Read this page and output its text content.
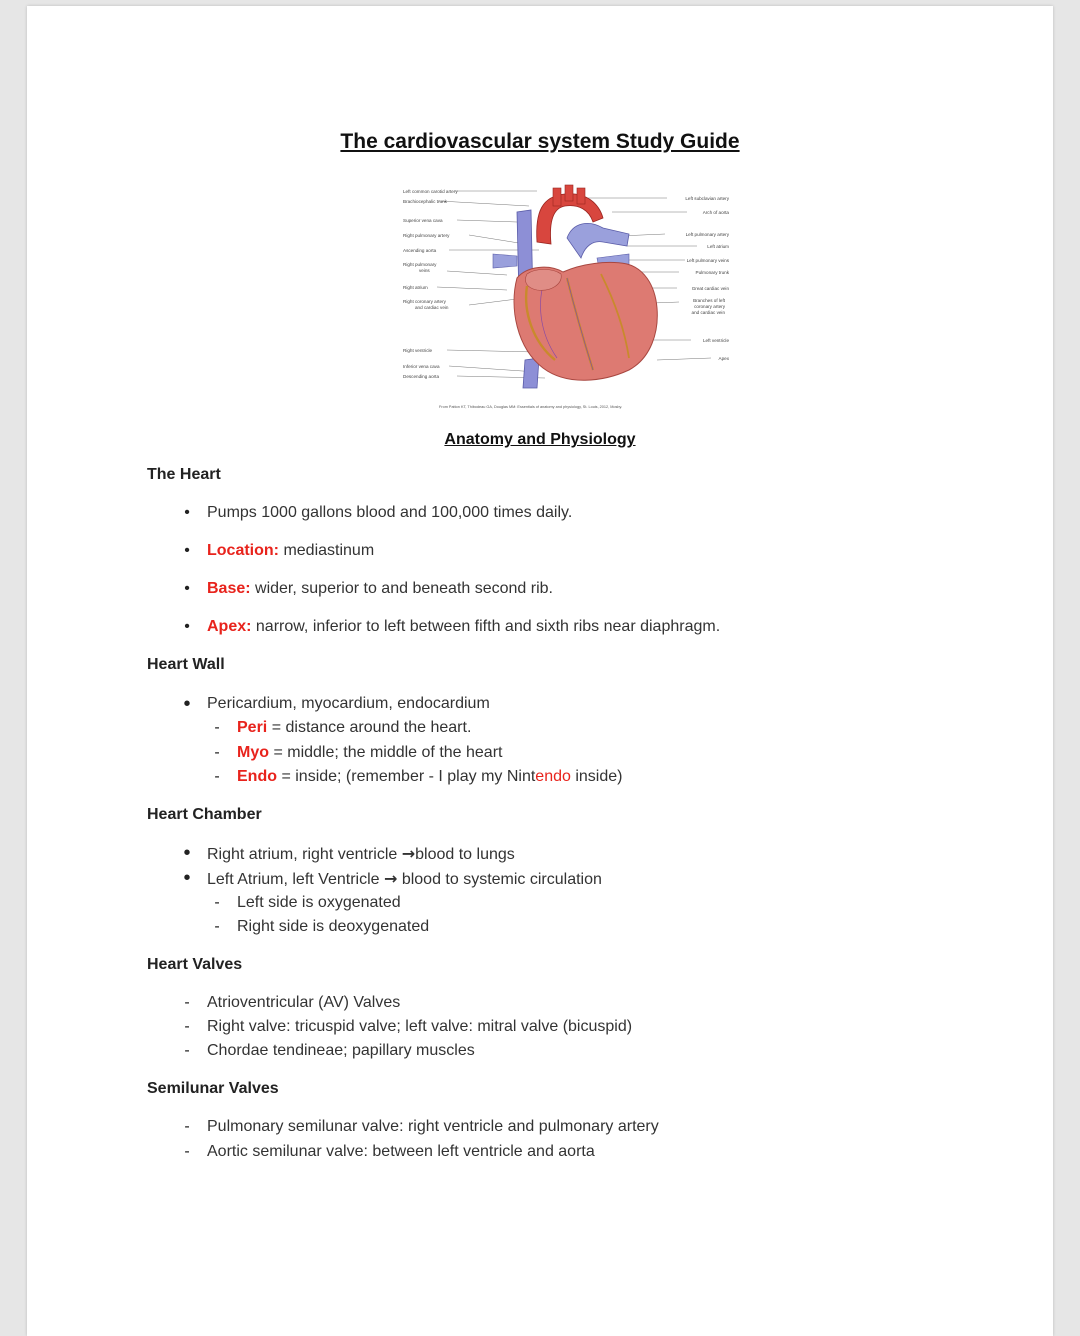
The cardiovascular system Study Guide
Left common carotid artery
Brachiocephalic trunk
Superior vena cava
Right pulmonary artery
Ascending aorta
Right pulmonary
veins
Right atrium
Right coronary artery
and cardiac vein
Right ventricle
Inferior vena cava
Descending aorta
Left subclavian artery
Arch of aorta
Left pulmonary artery
Left atrium
Left pulmonary veins
Pulmonary trunk
Great cardiac vein
Branches of left
coronary artery
and cardiac vein
Left ventricle
Apex
From Patton KT, Thibodeau GA, Douglas MM: Essentials of anatomy and physiology, St. Louis, 2012, Mosby.
Anatomy and Physiology
The Heart
•	Pumps 1000 gallons blood and 100,000 times daily.
•	Location: mediastinum
•	Base: wider, superior to and beneath second rib.
•	Apex: narrow, inferior to left between fifth and sixth ribs near diaphragm.
Heart Wall
•	Pericardium, myocardium, endocardium
-	Peri = distance around the heart.
-	Myo = middle; the middle of the heart
-	Endo = inside; (remember - I play my Nintendo inside)
Heart Chamber
•	Right atrium, right ventricle →blood to lungs
•	Left Atrium, left Ventricle → blood to systemic circulation
-	Left side is oxygenated
-	Right side is deoxygenated
Heart Valves
-	Atrioventricular (AV) Valves
-	Right valve: tricuspid valve; left valve: mitral valve (bicuspid)
-	Chordae tendineae; papillary muscles
Semilunar Valves
-	Pulmonary semilunar valve: right ventricle and pulmonary artery
-	Aortic semilunar valve: between left ventricle and aorta
